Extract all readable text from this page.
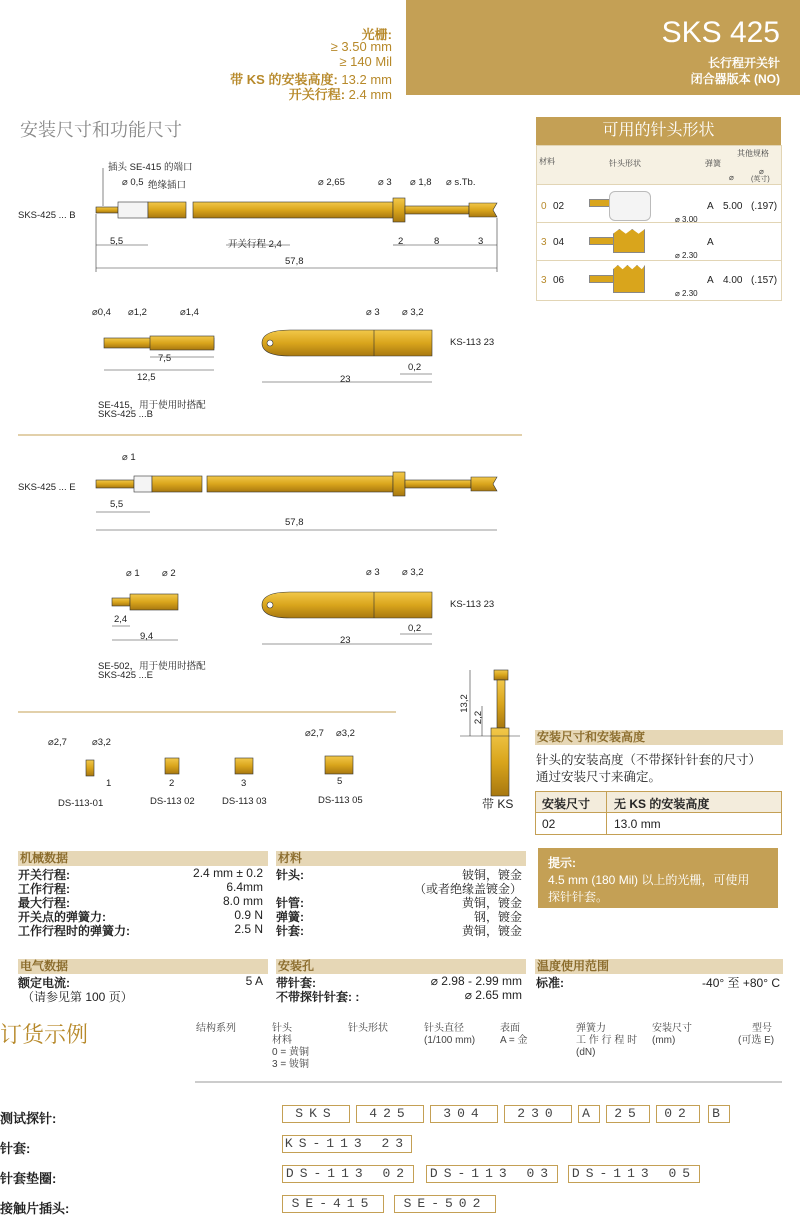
SKS 425
长行程开关针
闭合器版本 (NO)
光栅:
≥ 3.50 mm
≥ 140 Mil
带 KS 的安装高度: 13.2 mm
开关行程: 2.4 mm
安装尺寸和功能尺寸
SKS-425 ... B
插头 SE-415 的端口
绝缘插口
⌀ 0,5	⌀ 2,65	⌀ 3 ⌀ 1,8 ⌀ s.Tb.
5,5	开关行程 2,4	2	8	3
57,8
⌀0,4 ⌀1,2	⌀1,4
7,5
12,5
SE-415，用于使用时搭配
SKS-425 ...B
⌀ 3 ⌀ 3,2
KS-113 23
23
0,2
SKS-425 ... E
⌀ 1
5,5
57,8
⌀ 1 ⌀ 2
2,4
9,4
SE-502，用于使用时搭配
SKS-425 ...E
⌀ 3 ⌀ 3,2
KS-113 23
23
0,2
⌀2,7	⌀3,2
1
DS-113-01
2
DS-113 02
3
DS-113 03
⌀2,7 ⌀3,2
5
DS-113 05	带 KS
13,2
2,2
可用的针头形状
材料	针头形状	弹簧
其他规格
⌀
⌀
(英寸)
0 02
⌀ 3.00
A 5.00 (.197)
3 04
⌀ 2.30
A
3 06
⌀ 2.30
A 4.00 (.157)
安装尺寸和安装高度
针头的安装高度（不带探针针套的尺寸）
通过安装尺寸来确定。
安装尺寸 无 KS 的安装高度
02	13.0 mm
机械数据
开关行程:	2.4 mm ± 0.2
工作行程:	6.4mm
最大行程:	8.0 mm
开关点的弹簧力:	0.9 N
工作行程时的弹簧力:	2.5 N
材料
针头:	铍铜，镀金
（或者绝缘盖镀金）
针管:	黄铜，镀金
弹簧:	钢，镀金
针套:	黄铜，镀金
提示:
4.5 mm (180 Mil) 以上的光栅，可使用
探针针套。
电气数据
额定电流:	5 A
（请参见第 100 页）
安装孔
带针套:	⌀ 2.98 - 2.99 mm
不带探针针套: :	⌀ 2.65 mm
温度使用范围
标准:	-40° 至 +80° C
订货示例	结构系列	针头
材料
0 = 黄铜
3 = 铍铜
针头形状	针头直径
(1/100 mm)
表面
A = 金
弹簧力
工 作 行 程 时
(dN)
安装尺寸
(mm)
型号
(可选 E)
测试探针:	SKS	425	304	230	A	25	02	B
针套:	KS-113 23
针套垫圈:	DS-113 02 DS-113 03 DS-113 05
接触片插头:	SE-415	SE-502
